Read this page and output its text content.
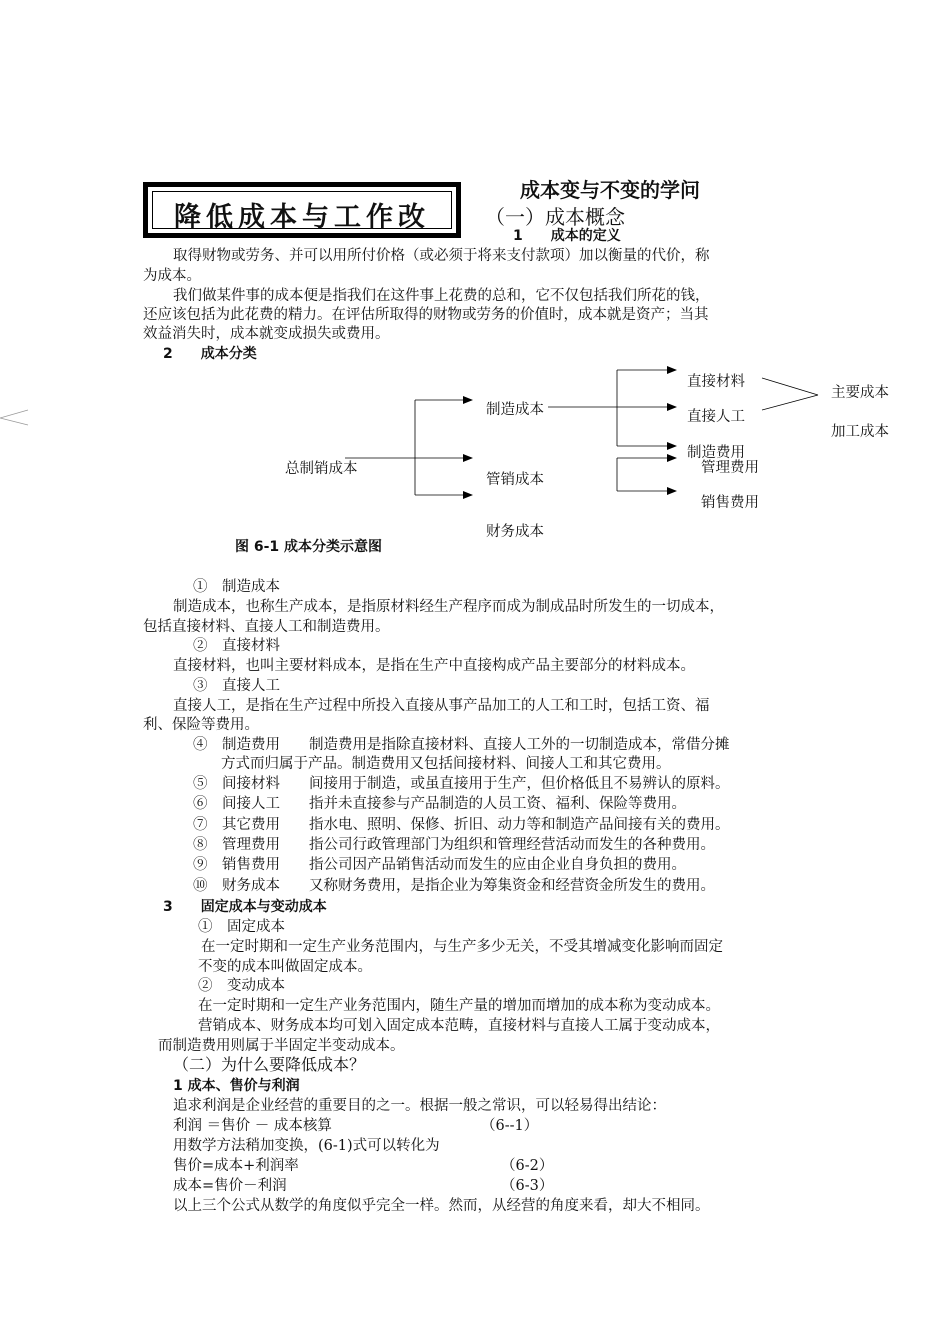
降低成本与工作改
成本变与不变的学问
（一）成本概念
1　　成本的定义
取得财物或劳务、并可以用所付价格（或必须于将来支付款项）加以衡量的代价，称
为成本。
我们做某件事的成本便是指我们在这件事上花费的总和，它不仅包括我们所花的钱，
还应该包括为此花费的精力。在评估所取得的财物或劳务的价值时，成本就是资产；当其
效益消失时，成本就变成损失或费用。
2　　成本分类
总制销成本
制造成本
管销成本
财务成本
直接材料
直接人工
制造费用
管理费用
销售费用
主要成本
加工成本
图 6-1 成本分类示意图
①　制造成本
制造成本，也称生产成本，是指原材料经生产程序而成为制成品时所发生的一切成本，
包括直接材料、直接人工和制造费用。
②　直接材料
直接材料，也叫主要材料成本，是指在生产中直接构成产品主要部分的材料成本。
③　直接人工
直接人工，是指在生产过程中所投入直接从事产品加工的人工和工时，包括工资、福
利、保险等费用。
④　制造费用　　制造费用是指除直接材料、直接人工外的一切制造成本，常借分摊
方式而归属于产品。制造费用又包括间接材料、间接人工和其它费用。
⑤　间接材料　　间接用于制造，或虽直接用于生产，但价格低且不易辨认的原料。
⑥　间接人工　　指并未直接参与产品制造的人员工资、福利、保险等费用。
⑦　其它费用　　指水电、照明、保修、折旧、动力等和制造产品间接有关的费用。
⑧　管理费用　　指公司行政管理部门为组织和管理经营活动而发生的各种费用。
⑨　销售费用　　指公司因产品销售活动而发生的应由企业自身负担的费用。
⑩　财务成本　　又称财务费用，是指企业为筹集资金和经营资金所发生的费用。
3　　固定成本与变动成本
①　固定成本
在一定时期和一定生产业务范围内，与生产多少无关，不受其增减变化影响而固定
不变的成本叫做固定成本。
②　变动成本
在一定时期和一定生产业务范围内，随生产量的增加而增加的成本称为变动成本。
营销成本、财务成本均可划入固定成本范畴，直接材料与直接人工属于变动成本，
而制造费用则属于半固定半变动成本。
（二）为什么要降低成本？
1 成本、售价与利润
追求利润是企业经营的重要目的之一。根据一般之常识，可以轻易得出结论：
利润 ＝售价 － 成本核算	（6--1）
用数学方法稍加变换，(6-1)式可以转化为
售价=成本+利润率	（6-2）
成本=售价－利润	（6-3）
以上三个公式从数学的角度似乎完全一样。然而，从经营的角度来看，却大不相同。
